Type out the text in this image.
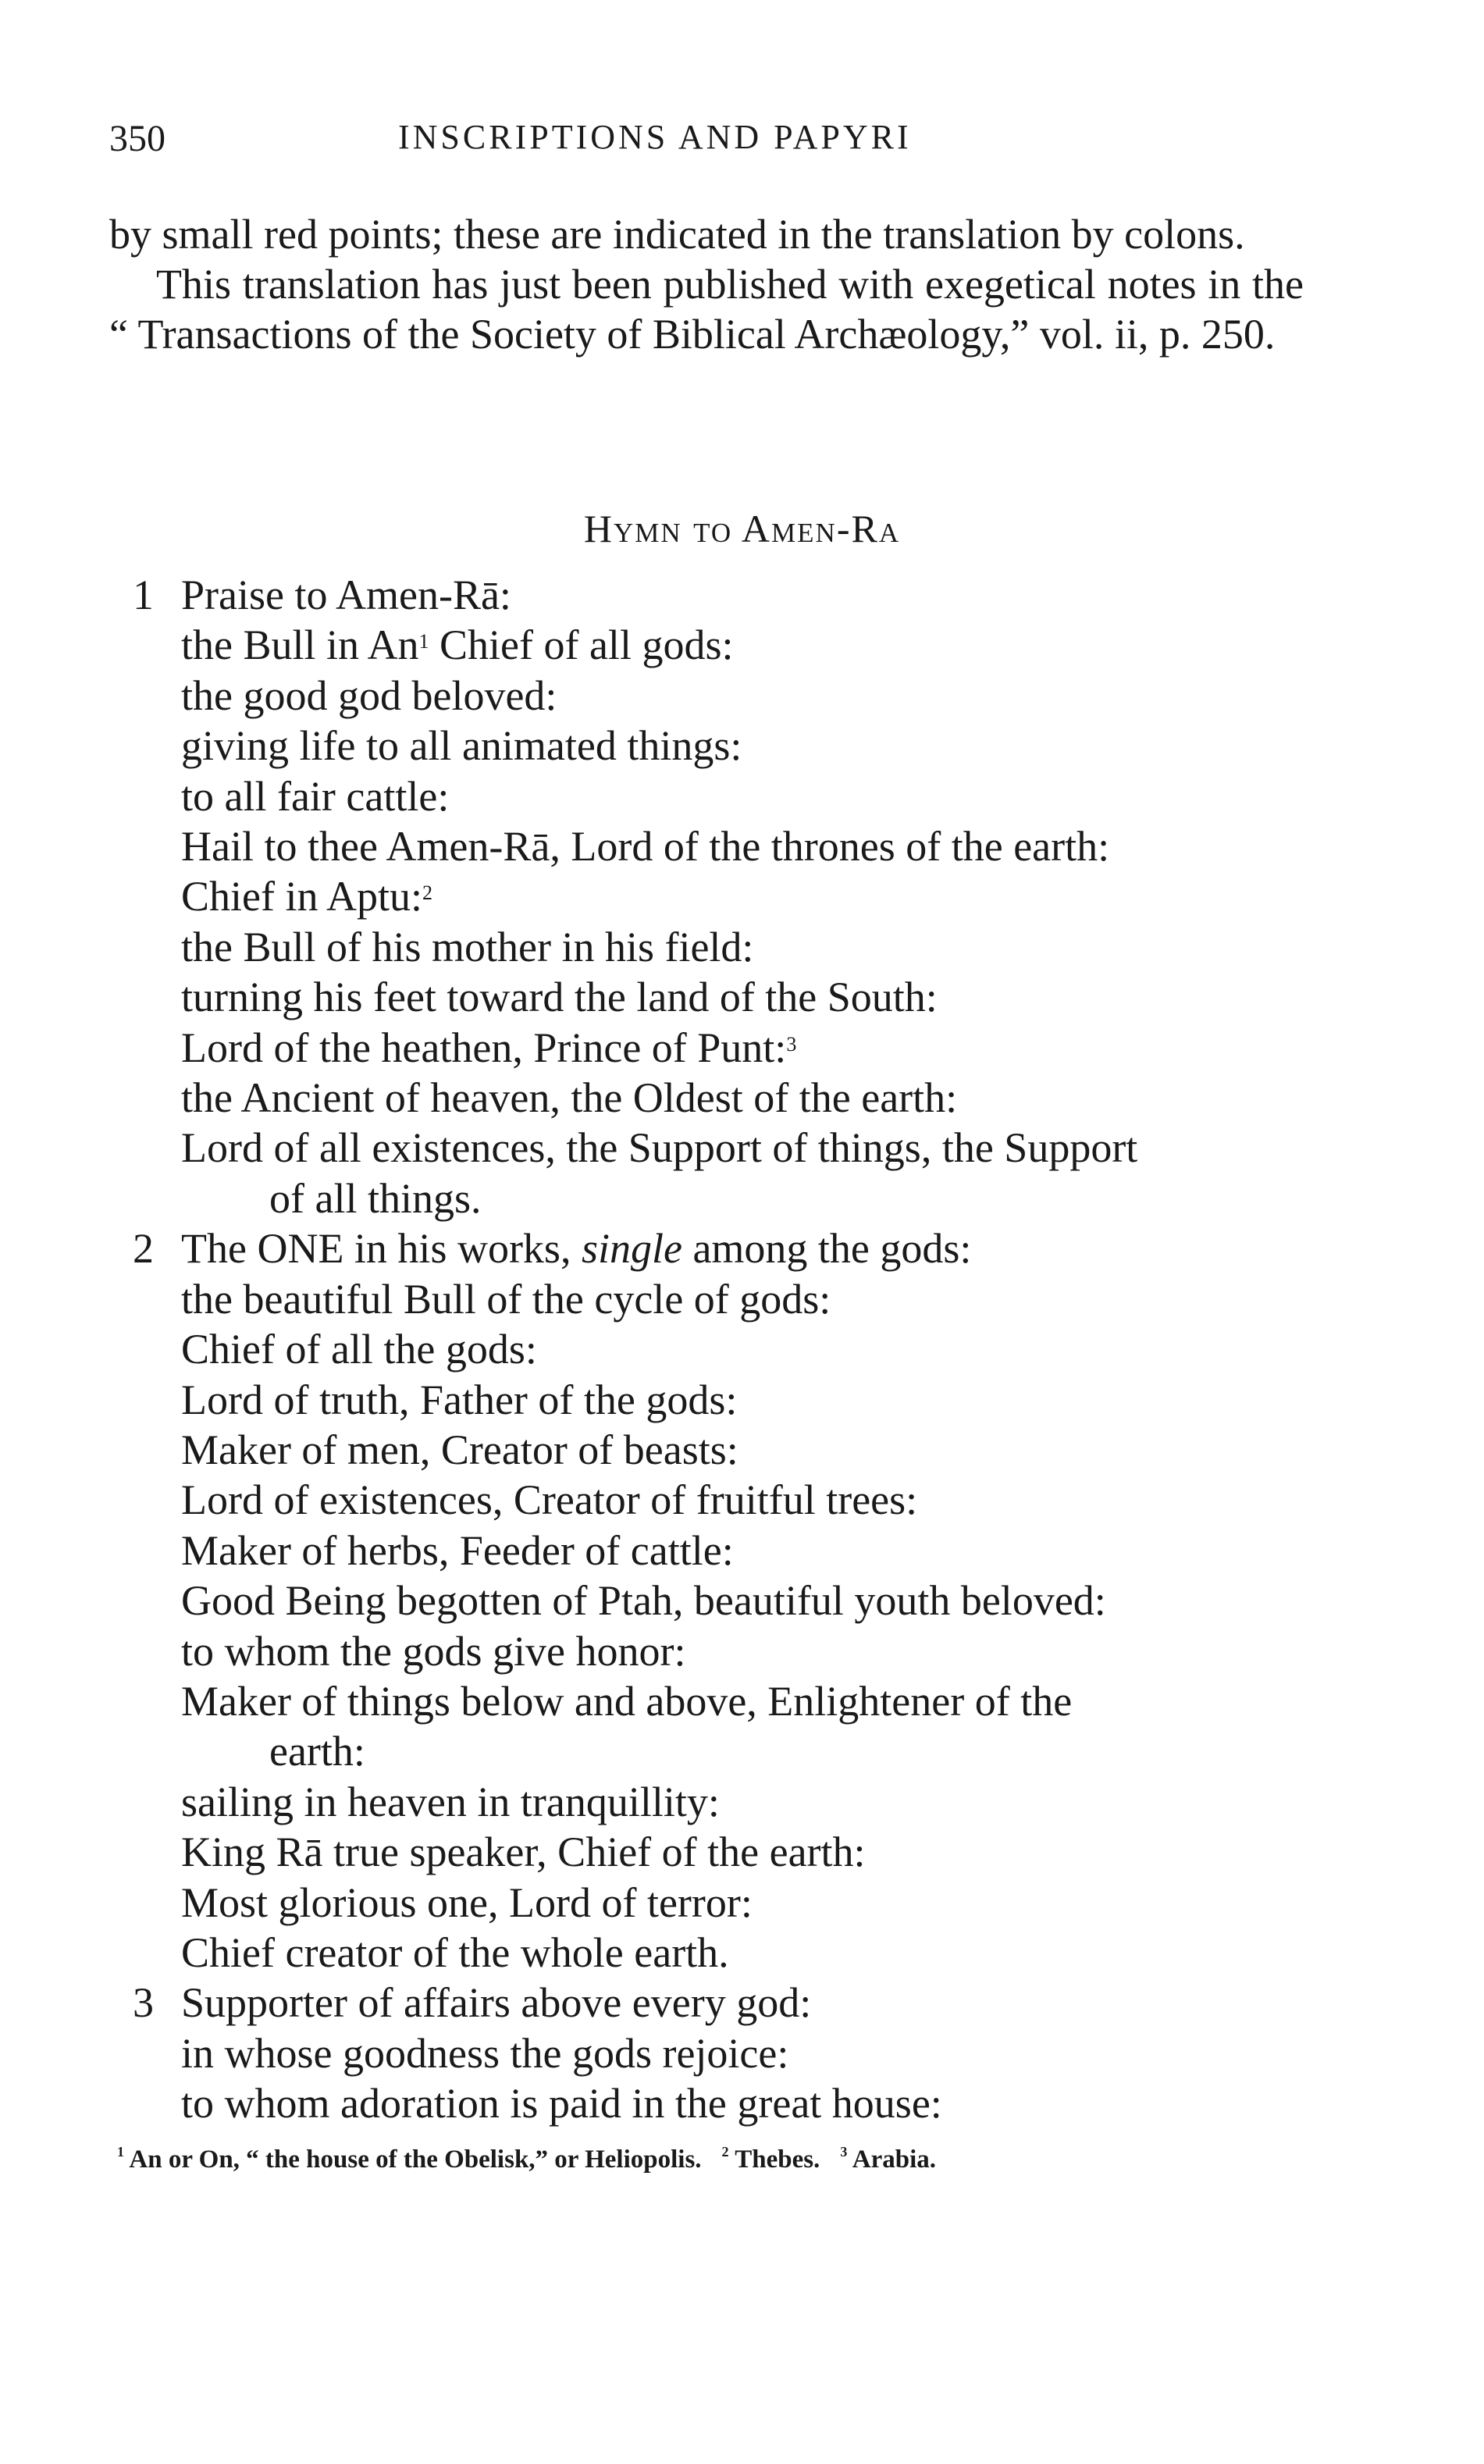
350	INSCRIPTIONS AND PAPYRI

by small red points; these are indicated in the translation by colons.

This translation has just been published with exegetical notes in the “ Transactions of the Society of Biblical Archæology,” vol. ii, p. 250.

Hymn to Amen-Ra
1 Praise to Amen-Rā:
the Bull in An$^1$ Chief of all gods:
the good god beloved:
giving life to all animated things:
to all fair cattle:
Hail to thee Amen-Rā, Lord of the thrones of the earth:
Chief in Aptu:$^2$
the Bull of his mother in his field:
turning his feet toward the land of the South:
Lord of the heathen, Prince of Punt:$^3$
the Ancient of heaven, the Oldest of the earth:
Lord of all existences, the Support of things, the Support
of all things.
2 The ONE in his works, single among the gods:
the beautiful Bull of the cycle of gods:
Chief of all the gods:
Lord of truth, Father of the gods:
Maker of men, Creator of beasts:
Lord of existences, Creator of fruitful trees:
Maker of herbs, Feeder of cattle:
Good Being begotten of Ptah, beautiful youth beloved:
to whom the gods give honor:
Maker of things below and above, Enlightener of the
earth:
sailing in heaven in tranquillity:
King Rā true speaker, Chief of the earth:
Most glorious one, Lord of terror:
Chief creator of the whole earth.
3 Supporter of affairs above every god:
in whose goodness the gods rejoice:
to whom adoration is paid in the great house:
$^1$ An or On, “ the house of the Obelisk,” or Heliopolis. $^2$ Thebes. $^3$ Arabia.
